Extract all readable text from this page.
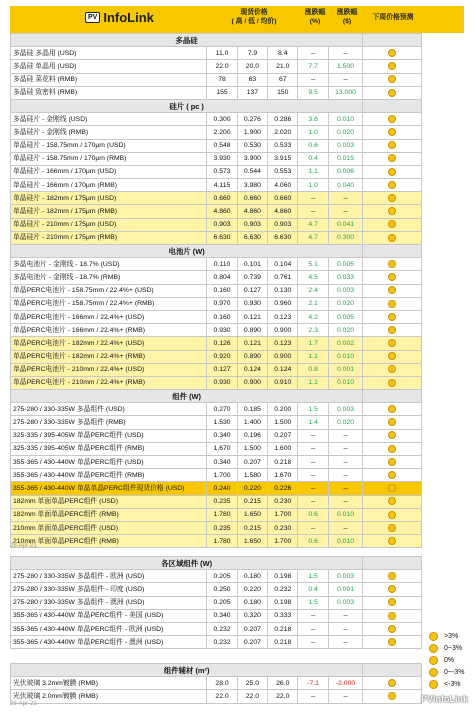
PV InfoLink	现货价格
( 高 / 低 / 均价)
涨跌幅
(%)
涨跌幅
($)
下周价格预测
多晶硅						
多晶硅 多晶用 (USD)	11.0	7.9	8.4	--	--	
多晶硅 单晶用 (USD)	22.0	20.0	21.0	7.7	1.500	
多晶硅 菜花料 (RMB)	78	63	67	--	--	
多晶硅 致密料 (RMB)	155	137	150	9.5	13.000	
硅片 ( pc )						
多晶硅片 - 金刚线 (USD)	0.300	0.276	0.286	3.6	0.010	
多晶硅片 - 金刚线 (RMB)	2.200	1.900	2.020	1.0	0.020	
单晶硅片 - 158.75mm / 170μm (USD)	0.548	0.530	0.533	0.6	0.003	
单晶硅片 - 158.75mm / 170μm (RMB)	3.930	3.900	3.915	0.4	0.015	
单晶硅片 - 166mm / 170μm (USD)	0.573	0.544	0.553	1.1	0.006	
单晶硅片 - 166mm / 170μm (RMB)	4.115	3.980	4.060	1.0	0.040	
单晶硅片 - 182mm / 175μm (USD)	0.660	0.660	0.660	--	--	
单晶硅片 - 182mm / 175μm (RMB)	4.860	4.860	4.860	--	--	
单晶硅片 - 210mm / 175μm (USD)	0.903	0.903	0.903	4.7	0.041	
单晶硅片 - 210mm / 175μm (RMB)	6.630	6.630	6.630	4.7	0.300	
电池片 (W)						
多晶电池片 - 金刚线 - 18.7% (USD)	0.110	0.101	0.104	5.1	0.005	
多晶电池片 - 金刚线 - 18.7% (RMB)	0.804	0.739	0.761	4.5	0.033	
单晶PERC电池片 - 158.75mm / 22.4%+ (USD)	0.160	0.127	0.130	2.4	0.003	
单晶PERC电池片 - 158.75mm / 22.4%+ (RMB)	0.970	0.930	0.960	2.1	0.020	
单晶PERC电池片 - 166mm / 22.4%+ (USD)	0.160	0.121	0.123	4.2	0.005	
单晶PERC电池片 - 166mm / 22.4%+ (RMB)	0.930	0.890	0.900	2.3	0.020	
单晶PERC电池片 - 182mm / 22.4%+ (USD)	0.126	0.121	0.123	1.7	0.002	
单晶PERC电池片 - 182mm / 22.4%+ (RMB)	0.920	0.890	0.900	1.1	0.010	
单晶PERC电池片 - 210mm / 22.4%+ (USD)	0.127	0.124	0.124	0.8	0.001	
单晶PERC电池片 - 210mm / 22.4%+ (RMB)	0.930	0.900	0.910	1.1	0.010	
组件 (W)						
275-280 / 330-335W 多晶组件 (USD)	0.270	0.185	0.200	1.5	0.003	
275-280 / 330-335W 多晶组件 (RMB)	1.530	1.400	1.500	1.4	0.020	
325-335 / 395-405W 单晶PERC组件 (USD)	0.340	0.196	0.207	--	--	
325-335 / 395-405W 单晶PERC组件 (RMB)	1.670	1.500	1.600	--	--	
355-365 / 430-440W 单晶PERC组件 (USD)	0.340	0.207	0.218	--	--	
355-365 / 430-440W 单晶PERC组件 (RMB)	1.700	1.580	1.670	--	--	
355-365 / 430-440W 单晶单晶PERC组件现货价格 (USD)	0.240	0.220	0.226	--	--	
182mm 单面单晶PERC组件 (USD)	0.235	0.215	0.230	--	--	
182mm 单面单晶PERC组件 (RMB)	1.780	1.650	1.700	0.6	0.010	
210mm 单面单晶PERC组件 (USD)	0.235	0.215	0.230	--	--	
210mm 单面单晶PERC组件 (RMB)	1.780	1.650	1.700	0.6	0.010	
28-Apr-21
各区域组件 (W)						
275-280 / 330-335W 多晶组件 - 欧洲 (USD)	0.205	0.180	0.198	1.5	0.003	
275-280 / 330-335W 多晶组件 - 印度 (USD)	0.250	0.220	0.232	0.4	0.001	
275-280 / 330-335W 多晶组件 - 澳洲 (USD)	0.205	0.180	0.198	1.5	0.003	
355-365 / 430-440W 单晶PERC组件 - 美国 (USD)	0.340	0.320	0.333	--	--	
355-365 / 430-440W 单晶PERC组件 - 欧洲 (USD)	0.232	0.207	0.218	--	--	
355-365 / 430-440W 单晶PERC组件 - 澳洲 (USD)	0.232	0.207	0.218	--	--	
组件辅材 (m²)						
光伏玻璃 3.2mm镀膜 (RMB)	28.0	25.0	26.0	-7.1	-2.000	
光伏玻璃 2.0mm镀膜 (RMB)	22.0	22.0	22.0	--	--	
28-Apr-21
>3%
0~3%
0%
0~-3%
<-3%
PVInfoLink
